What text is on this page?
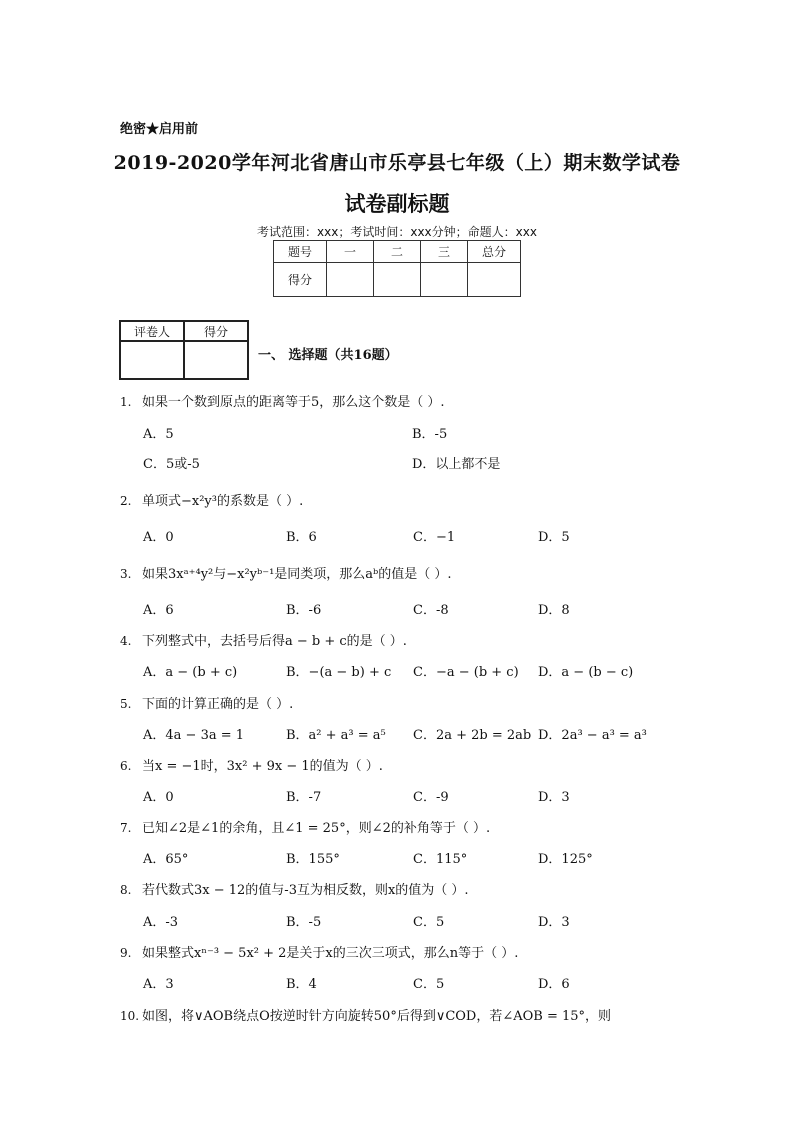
绝密★启用前
2019-2020学年河北省唐山市乐亭县七年级（上）期末数学试卷
试卷副标题
考试范围：xxx；考试时间：xxx分钟；命题人：xxx
题号	一	二	三	总分
得分				
评卷人	得分

一、 选择题（共16题）
1. 如果一个数到原点的距离等于5，那么这个数是（ ）.
A．5	B．-5
C．5或-5	D．以上都不是
2. 单项式−x²y³的系数是（ ）.
A．0	B．6	C．−1	D．5
3. 如果3xᵃ⁺⁴y²与−x²yᵇ⁻¹是同类项，那么aᵇ的值是（ ）.
A．6	B．-6	C．-8	D．8
4. 下列整式中，去括号后得a − b + c的是（ ）.
A．a − (b + c)	B．−(a − b) + c C．−a − (b + c) D．a − (b − c)
5. 下面的计算正确的是（ ）.
A．4a − 3a = 1	B．a² + a³ = a⁵ C．2a + 2b = 2ab D．2a³ − a³ = a³
6. 当x = −1时，3x² + 9x − 1的值为（ ）.
A．0	B．-7	C．-9	D．3
7. 已知∠2是∠1的余角，且∠1 = 25°，则∠2的补角等于（ ）.
A．65°	B．155°	C．115°	D．125°
8. 若代数式3x − 12的值与-3互为相反数，则x的值为（ ）.
A．-3	B．-5	C．5	D．3
9. 如果整式xⁿ⁻³ − 5x² + 2是关于x的三次三项式，那么n等于（ ）.
A．3	B．4	C．5	D．6
10. 如图，将∨AOB绕点O按逆时针方向旋转50°后得到∨COD，若∠AOB = 15°，则
